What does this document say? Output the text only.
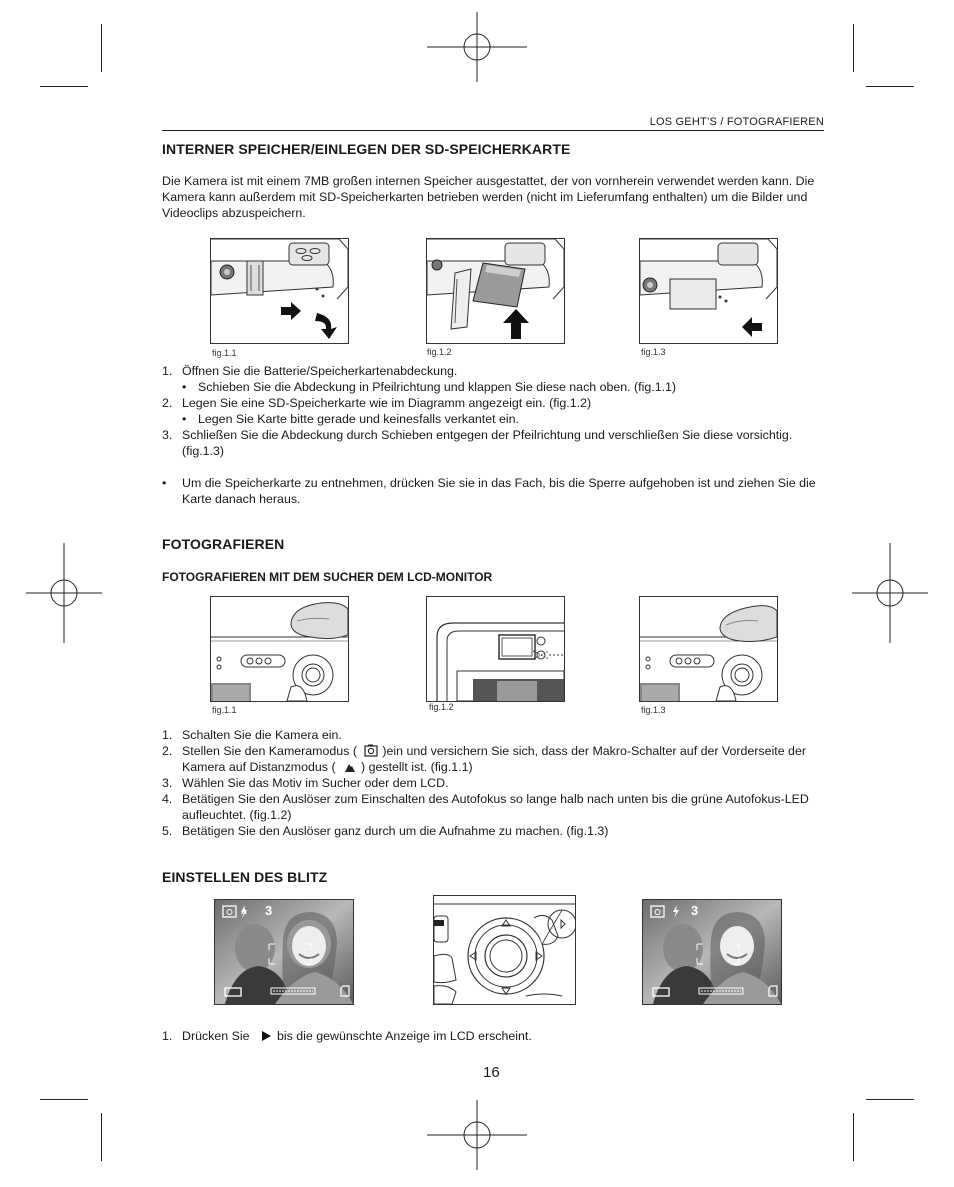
LOS GEHT’S / FOTOGRAFIEREN
INTERNER SPEICHER/EINLEGEN DER SD-SPEICHERKARTE

Die Kamera ist mit einem 7MB großen internen Speicher ausgestattet, der von vornherein verwendet werden kann. Die Kamera kann außerdem mit SD-Speicherkarten betrieben werden (nicht im Lieferumfang enthalten) um die Bilder und Videoclips abzuspeichern.

fig.1.1	fig.1.2	fig.1.3
1. Öffnen Sie die Batterie/Speicherkartenabdeckung.
• Schieben Sie die Abdeckung in Pfeilrichtung und klappen Sie diese nach oben. (fig.1.1)
2. Legen Sie eine SD-Speicherkarte wie im Diagramm angezeigt ein. (fig.1.2)
• Legen Sie Karte bitte gerade und keinesfalls verkantet ein.
3. Schließen Sie die Abdeckung durch Schieben entgegen der Pfeilrichtung und verschließen Sie diese vorsichtig. (fig.1.3)
• Um die Speicherkarte zu entnehmen, drücken Sie sie in das Fach, bis die Sperre aufgehoben ist und ziehen Sie die Karte danach heraus.
FOTOGRAFIEREN
FOTOGRAFIEREN MIT DEM SUCHER DEM LCD-MONITOR
fig.1.1	fig.1.2	fig.1.3
1. Schalten Sie die Kamera ein.
2. Stellen Sie den Kameramodus ( )ein und versichern Sie sich, dass der Makro-Schalter auf der Vorderseite der Kamera auf Distanzmodus ( ) gestellt ist. (fig.1.1)
3. Wählen Sie das Motiv im Sucher oder dem LCD.
4. Betätigen Sie den Auslöser zum Einschalten des Autofokus so lange halb nach unten bis die grüne Autofokus-LED aufleuchtet. (fig.1.2)
5. Betätigen Sie den Auslöser ganz durch um die Aufnahme zu machen. (fig.1.3)
EINSTELLEN DES BLITZ
A 3	3
1. Drücken Sie bis die gewünschte Anzeige im LCD erscheint.
16
